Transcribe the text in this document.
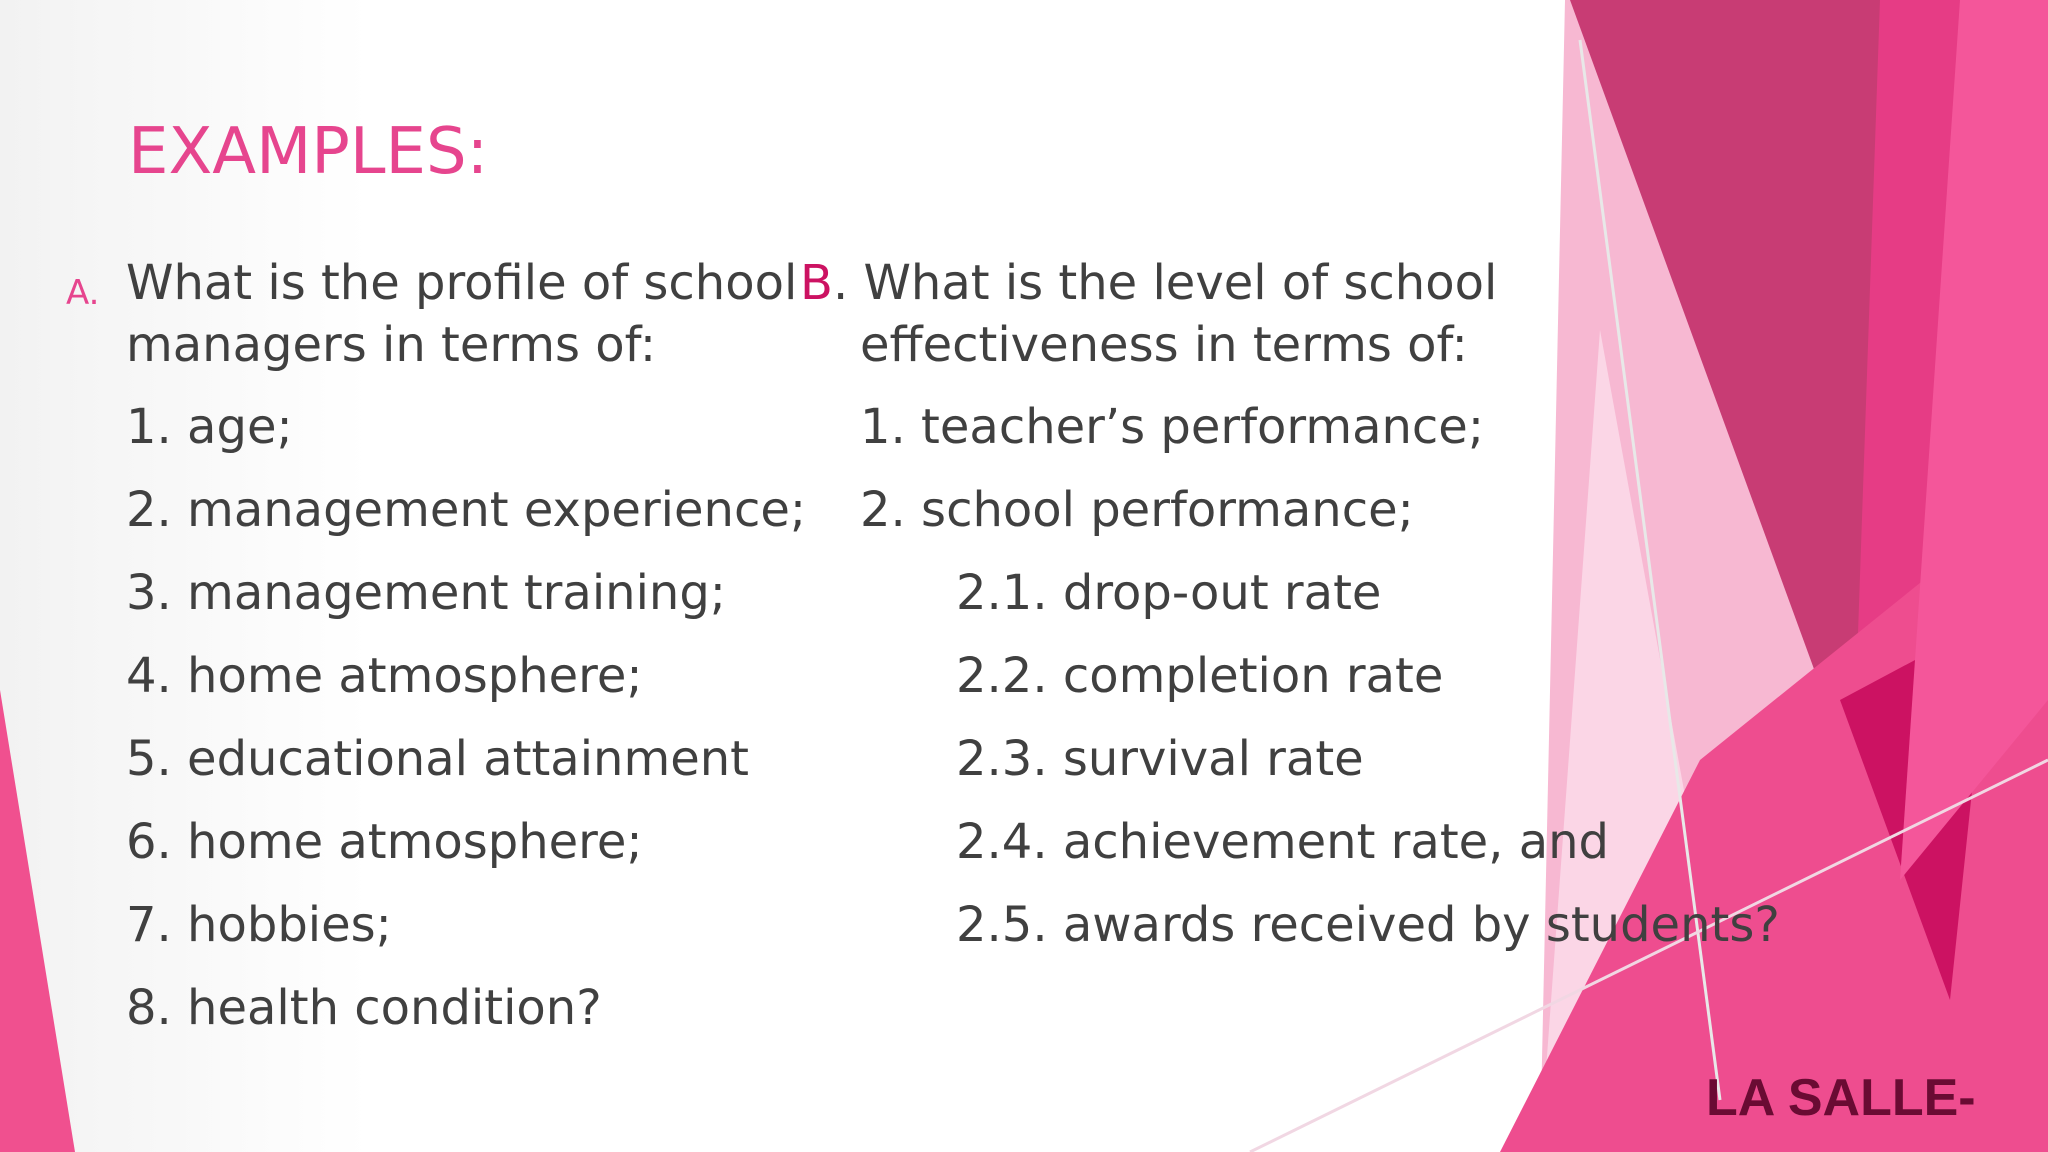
EXAMPLES:
A. What is the profile of school
managers in terms of:
1. age;
2. management experience;
3. management training;
4. home atmosphere;
5. educational attainment
6. home atmosphere;
7. hobbies;
8. health condition?
B. What is the level of school
effectiveness in terms of:
1. teacher’s performance;
2. school performance;
2.1. drop-out rate
2.2. completion rate
2.3. survival rate
2.4. achievement rate, and
2.5. awards received by students?
LA SALLE-
